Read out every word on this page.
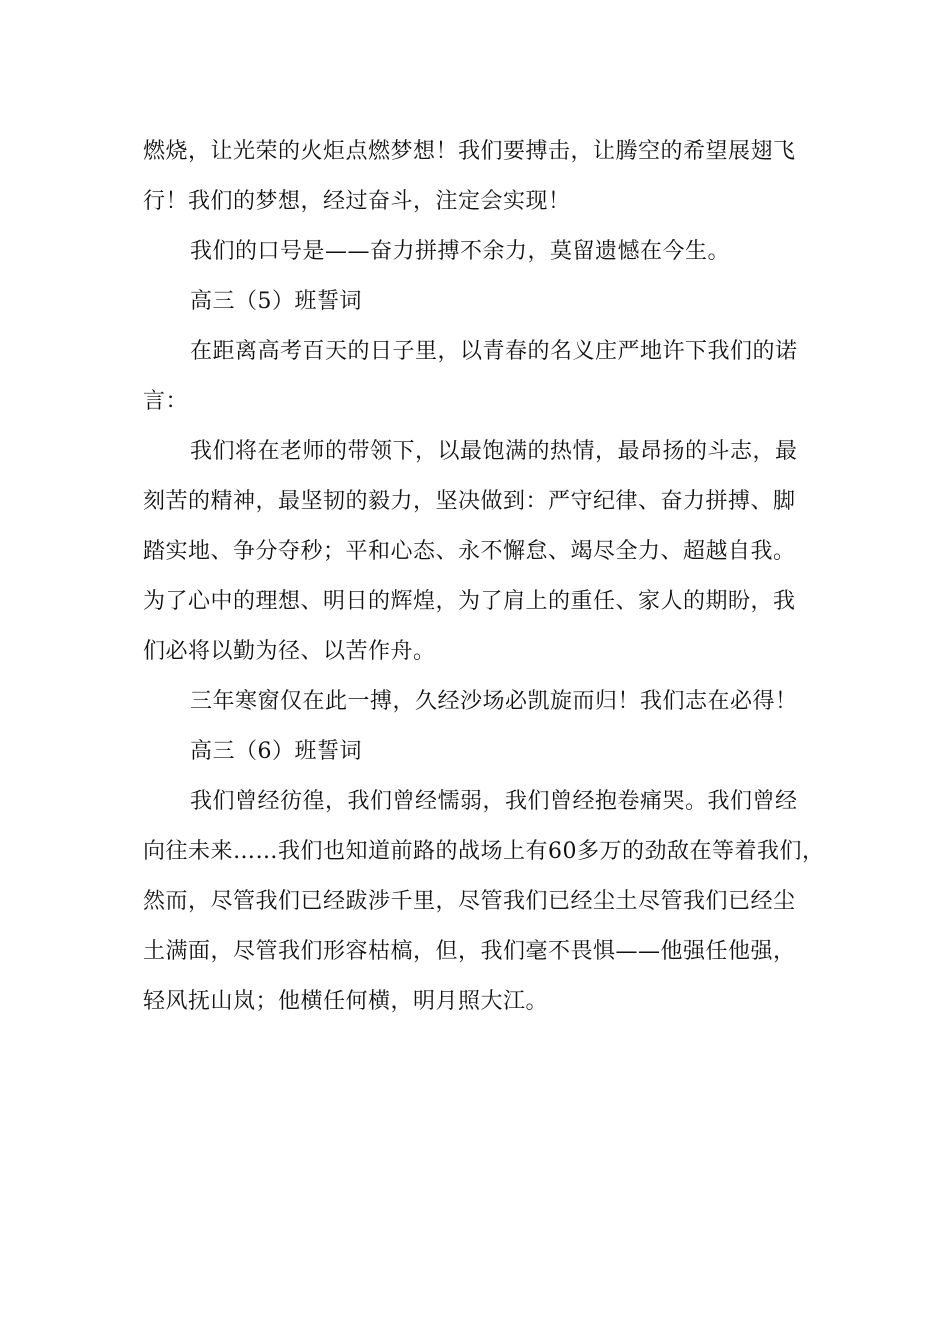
燃烧，让光荣的火炬点燃梦想！我们要搏击，让腾空的希望展翅飞
行！我们的梦想，经过奋斗，注定会实现！

我们的口号是——奋力拼搏不余力，莫留遗憾在今生。

高三（5）班誓词

在距离高考百天的日子里，以青春的名义庄严地许下我们的诺
言：

我们将在老师的带领下，以最饱满的热情，最昂扬的斗志，最
刻苦的精神，最坚韧的毅力，坚决做到：严守纪律、奋力拼搏、脚
踏实地、争分夺秒；平和心态、永不懈怠、竭尽全力、超越自我。
为了心中的理想、明日的辉煌，为了肩上的重任、家人的期盼，我
们必将以勤为径、以苦作舟。

三年寒窗仅在此一搏，久经沙场必凯旋而归！我们志在必得！

高三（6）班誓词

我们曾经彷徨，我们曾经懦弱，我们曾经抱卷痛哭。我们曾经
向往未来……我们也知道前路的战场上有60多万的劲敌在等着我们，
然而，尽管我们已经跋涉千里，尽管我们已经尘土尽管我们已经尘
土满面，尽管我们形容枯槁，但，我们毫不畏惧——他强任他强，
轻风抚山岚；他横任何横，明月照大江。
